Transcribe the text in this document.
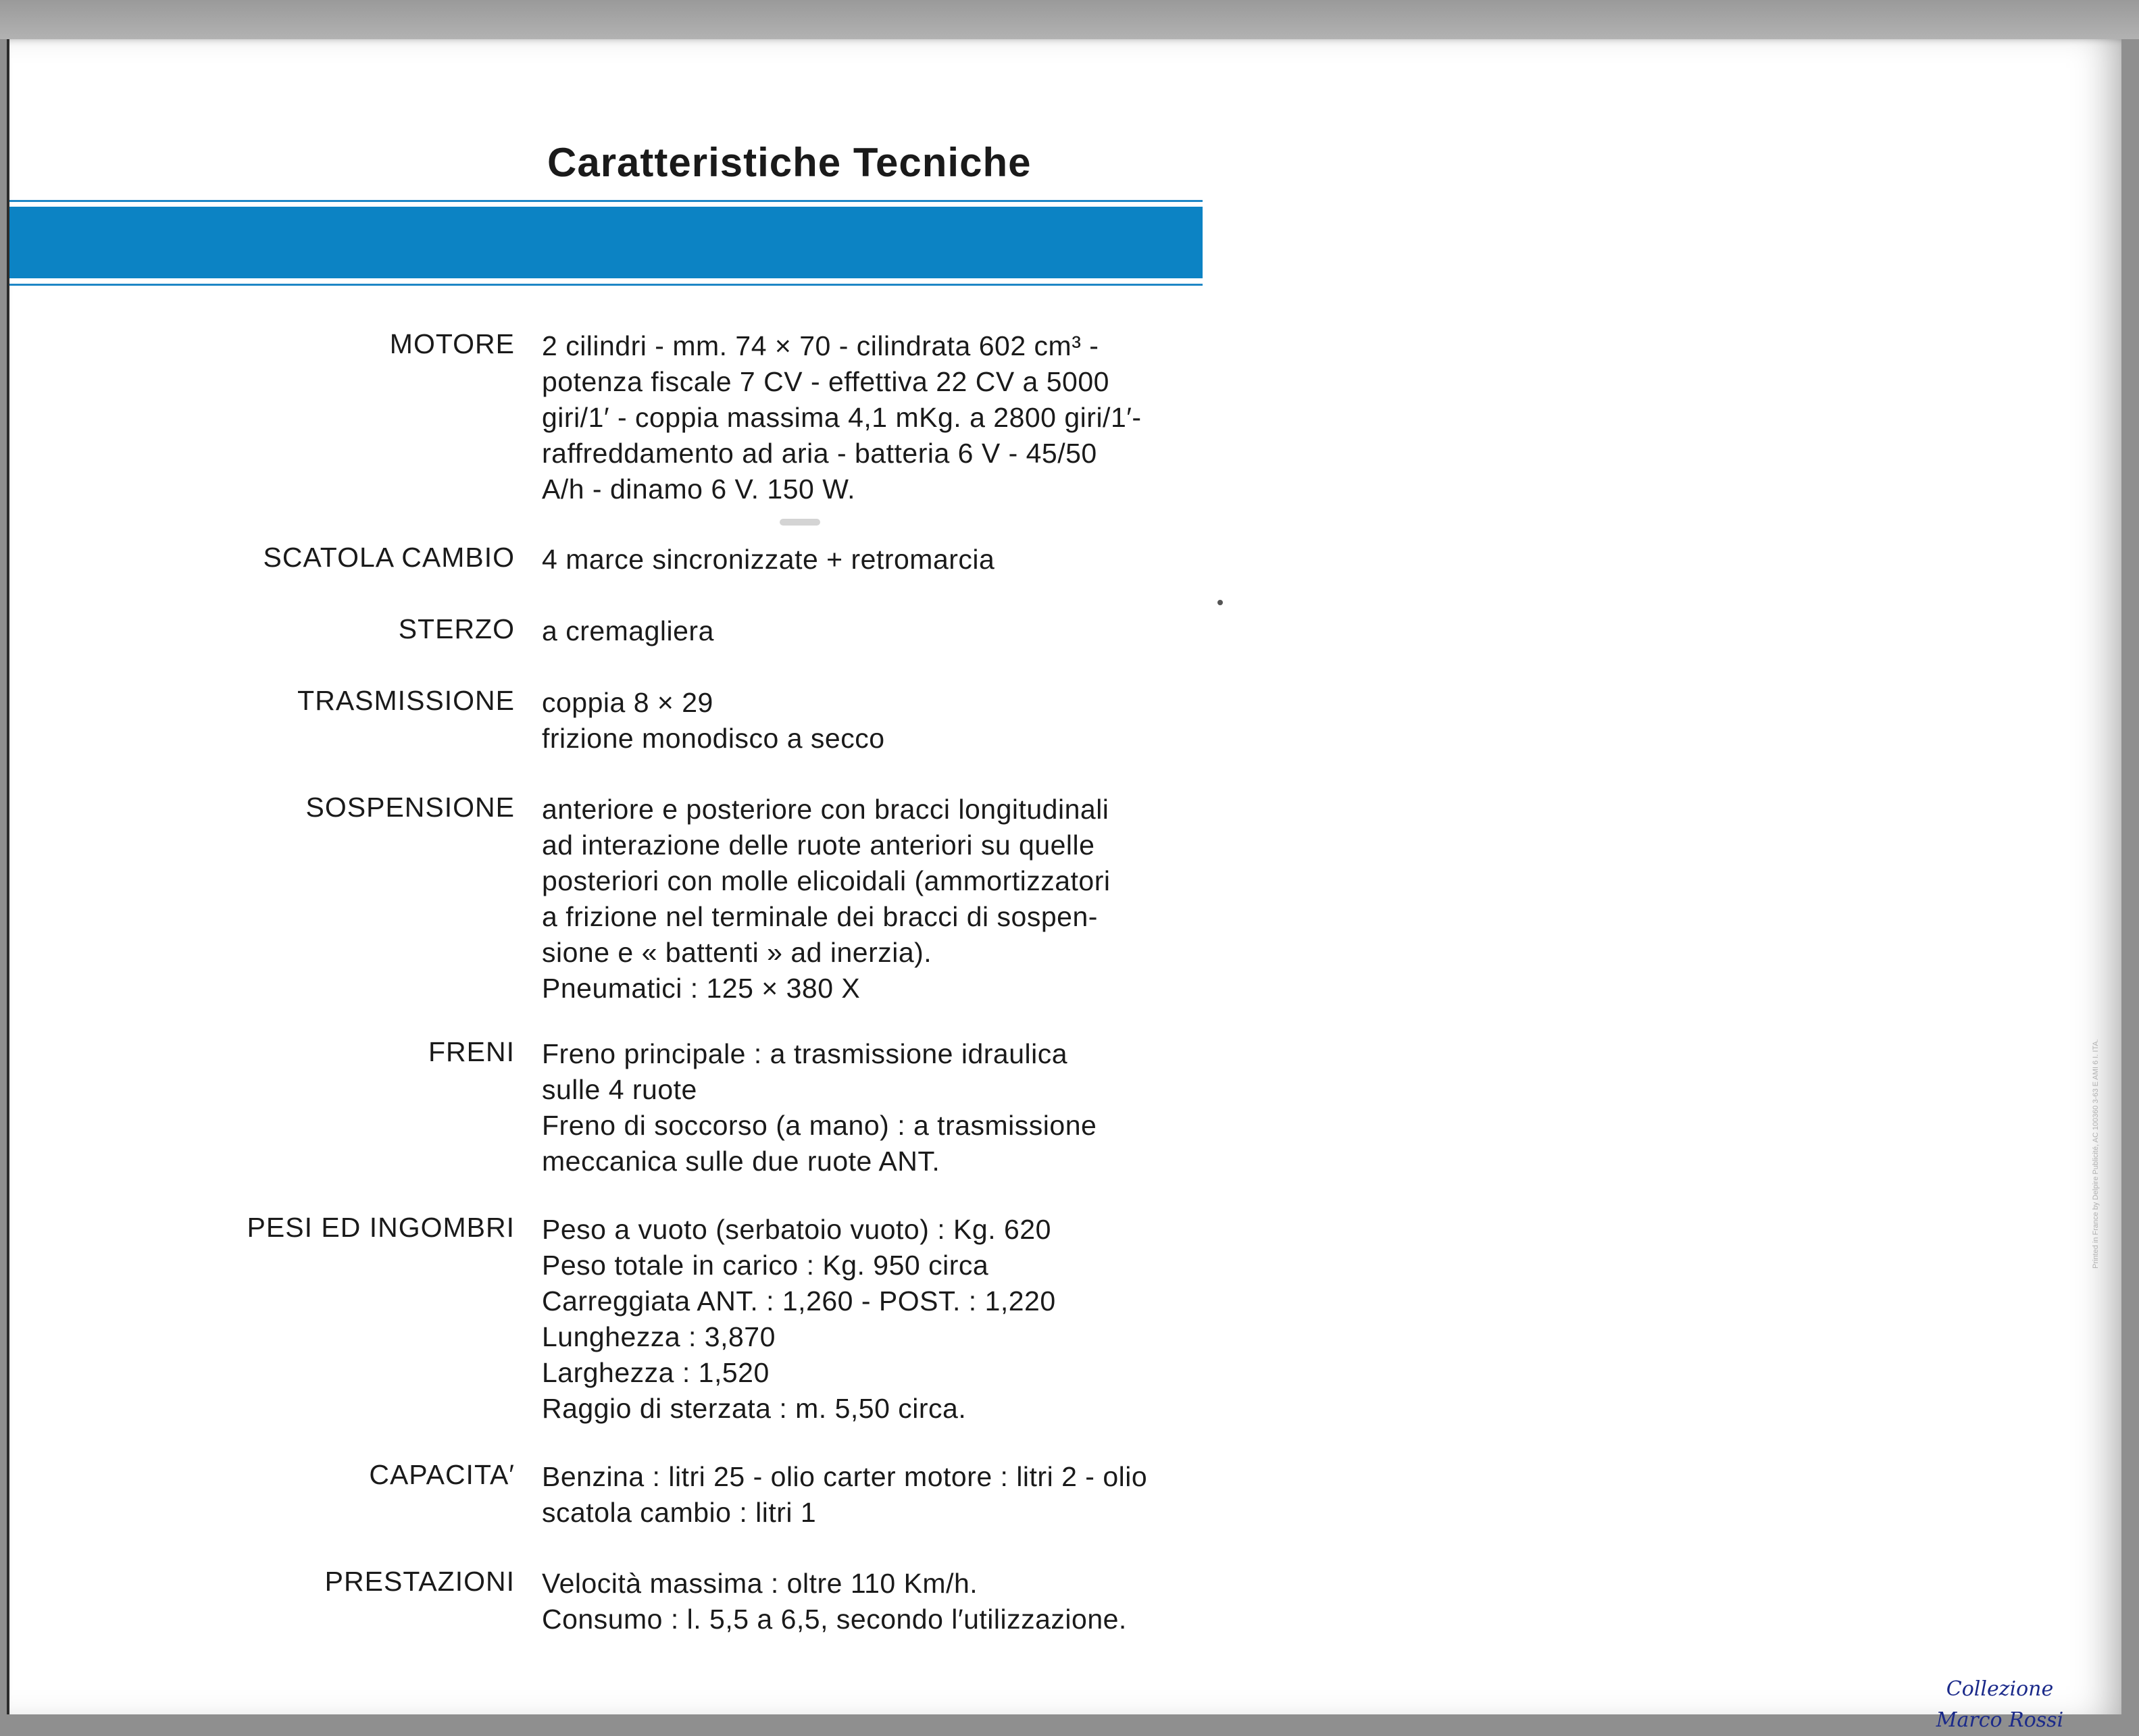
Caratteristiche Tecniche
MOTORE 2 cilindri - mm. 74 × 70 - cilindrata 602 cm³ -
potenza fiscale 7 CV - effettiva 22 CV a 5000
giri/1′ - coppia massima 4,1 mKg. a 2800 giri/1′-
raffreddamento ad aria - batteria 6 V - 45/50
A/h - dinamo 6 V. 150 W.
SCATOLA CAMBIO 4 marce sincronizzate + retromarcia
STERZO a cremagliera
TRASMISSIONE coppia 8 × 29
frizione monodisco a secco
SOSPENSIONE anteriore e posteriore con bracci longitudinali
ad interazione delle ruote anteriori su quelle
posteriori con molle elicoidali (ammortizzatori
a frizione nel terminale dei bracci di sospen-
sione e « battenti » ad inerzia).
Pneumatici : 125 × 380 X
FRENI Freno principale : a trasmissione idraulica
sulle 4 ruote
Freno di soccorso (a mano) : a trasmissione
meccanica sulle due ruote ANT.
PESI ED INGOMBRI Peso a vuoto (serbatoio vuoto) : Kg. 620
Peso totale in carico : Kg. 950 circa
Carreggiata ANT. : 1,260 - POST. : 1,220
Lunghezza : 3,870
Larghezza : 1,520
Raggio di sterzata : m. 5,50 circa.
CAPACITA′ Benzina : litri 25 - olio carter motore : litri 2 - olio
scatola cambio : litri 1
PRESTAZIONI Velocità massima : oltre 110 Km/h.
Consumo : l. 5,5 a 6,5, secondo l′utilizzazione.
Printed in France by Delpire Publicité, AC 100360 3-63 E AMI 6 I. ITA.
Collezione
Marco Rossi
